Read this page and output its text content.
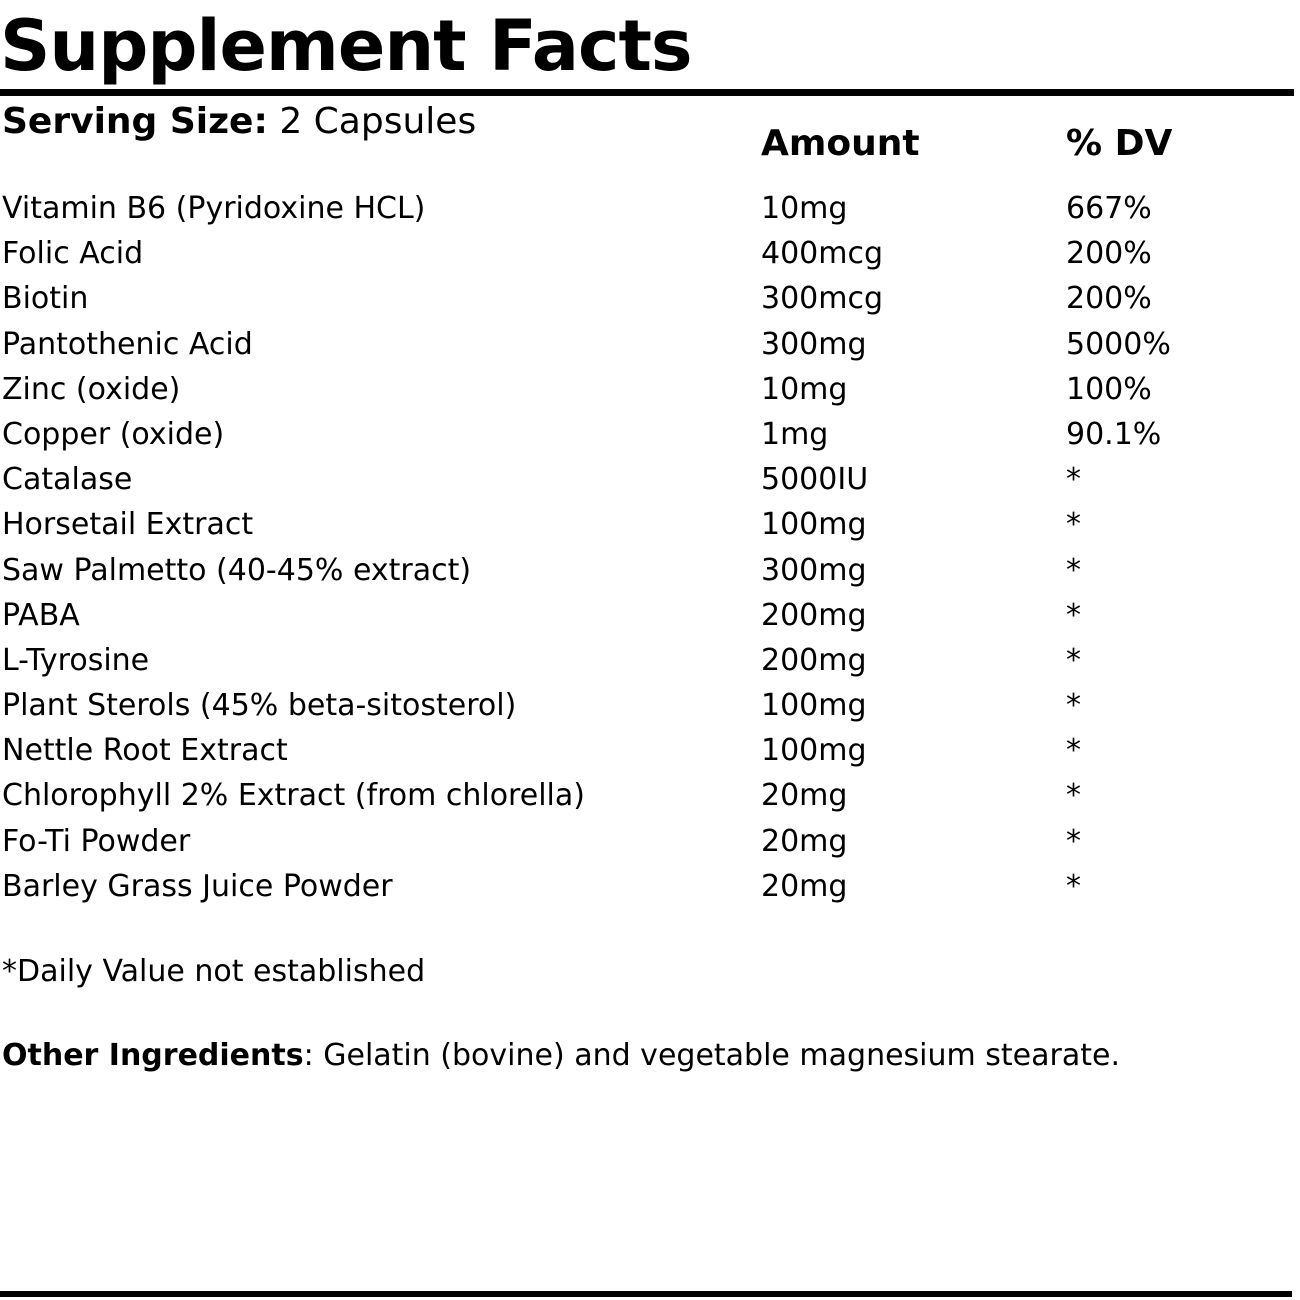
Supplement Facts
Serving Size: 2 Capsules
Amount	% DV
Vitamin B6 (Pyridoxine HCL)	10mg	667%
Folic Acid	400mcg	200%
Biotin	300mcg	200%
Pantothenic Acid	300mg	5000%
Zinc (oxide)	10mg	100%
Copper (oxide)	1mg	90.1%
Catalase	5000IU	*
Horsetail Extract	100mg	*
Saw Palmetto (40-45% extract)	300mg	*
PABA	200mg	*
L-Tyrosine	200mg	*
Plant Sterols (45% beta-sitosterol)	100mg	*
Nettle Root Extract	100mg	*
Chlorophyll 2% Extract (from chlorella)	20mg	*
Fo-Ti Powder	20mg	*
Barley Grass Juice Powder	20mg	*
*Daily Value not established
Other Ingredients: Gelatin (bovine) and vegetable magnesium stearate.
